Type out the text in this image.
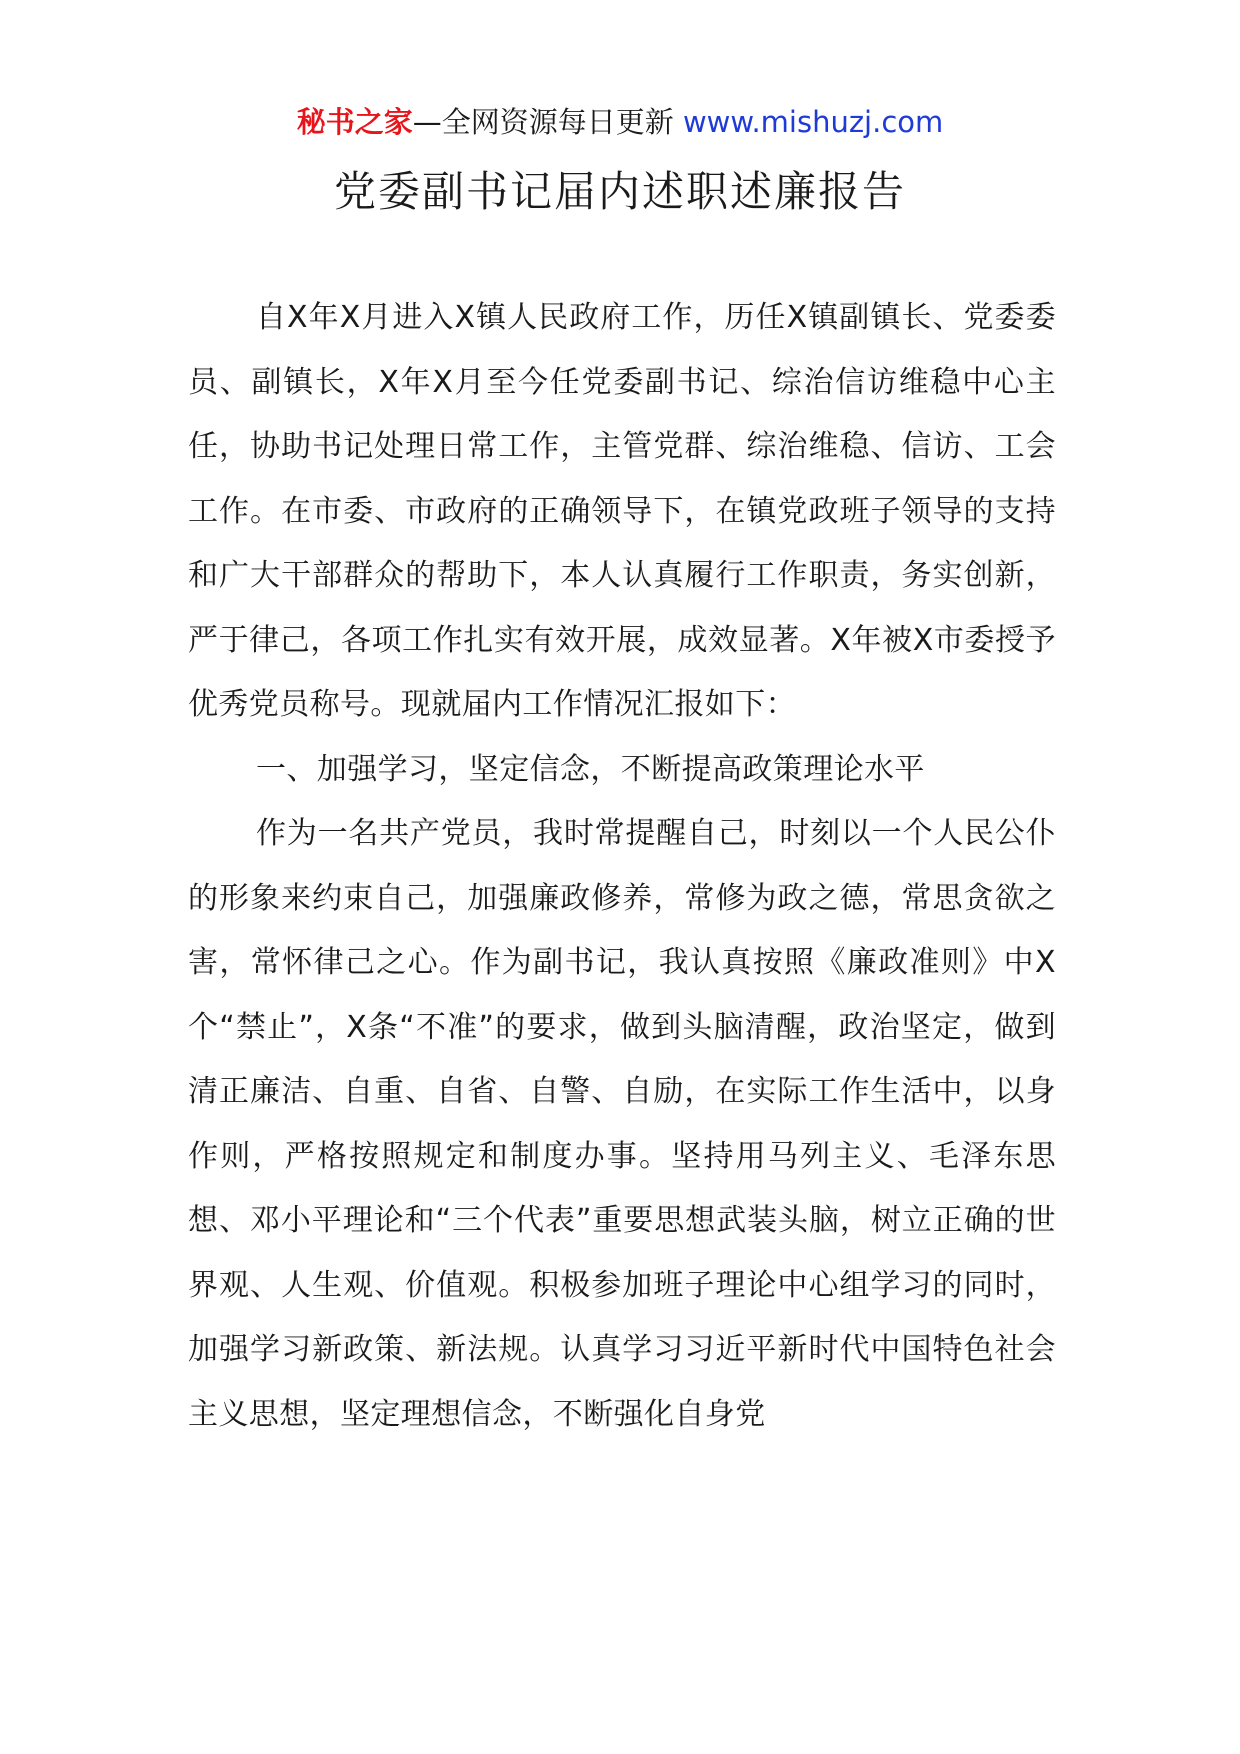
秘书之家—全网资源每日更新 www.mishuzj.com
党委副书记届内述职述廉报告

自X年X月进入X镇人民政府工作，历任X镇副镇长、党委委员、副镇长，X年X月至今任党委副书记、综治信访维稳中心主任，协助书记处理日常工作，主管党群、综治维稳、信访、工会工作。在市委、市政府的正确领导下，在镇党政班子领导的支持和广大干部群众的帮助下，本人认真履行工作职责，务实创新，严于律己，各项工作扎实有效开展，成效显著。X年被X市委授予优秀党员称号。现就届内工作情况汇报如下：

一、加强学习，坚定信念，不断提高政策理论水平

作为一名共产党员，我时常提醒自己，时刻以一个人民公仆的形象来约束自己，加强廉政修养，常修为政之德，常思贪欲之害，常怀律己之心。作为副书记，我认真按照《廉政准则》中X个“禁止”，X条“不准”的要求，做到头脑清醒，政治坚定，做到清正廉洁、自重、自省、自警、自励，在实际工作生活中，以身作则，严格按照规定和制度办事。坚持用马列主义、毛泽东思想、邓小平理论和“三个代表”重要思想武装头脑，树立正确的世界观、人生观、价值观。积极参加班子理论中心组学习的同时，加强学习新政策、新法规。认真学习习近平新时代中国特色社会主义思想，坚定理想信念，不断强化自身党
